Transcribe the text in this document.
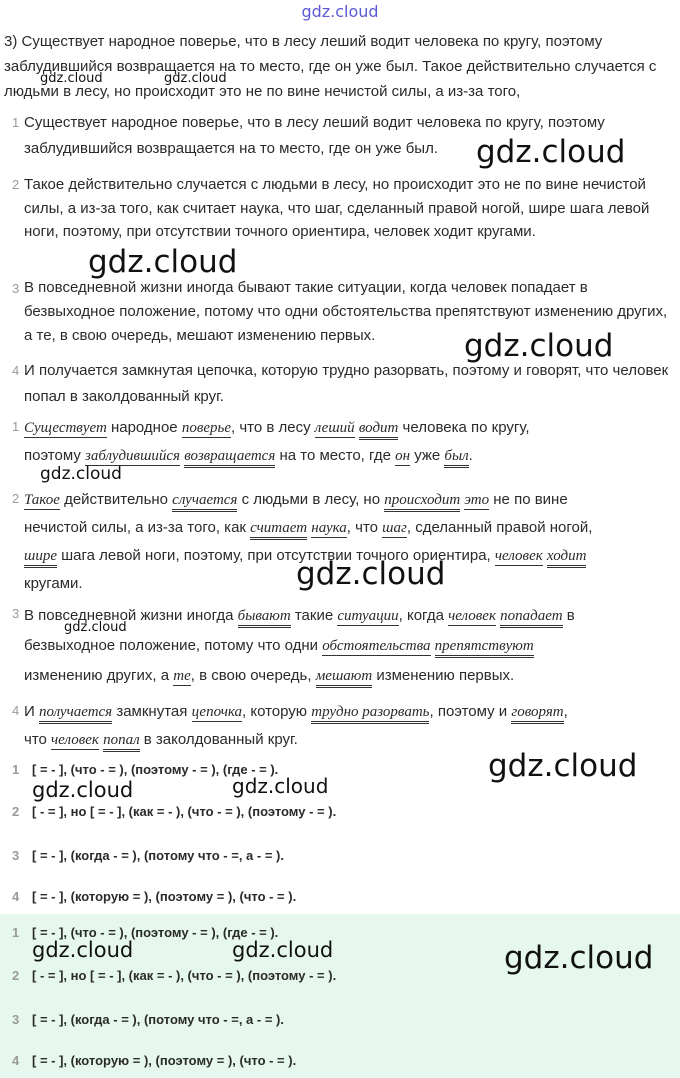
gdz.cloud

3) Существует народное поверье, что в лесу леший водит человека по кругу, поэтому заблудившийся возвращается на то место, где он уже был. Такое действительно случается с людьми в лесу, но происходит это не по вине нечистой силы, а из-за того,

gdz.cloud	gdz.cloud
1 Существует народное поверье, что в лесу леший водит человека по кругу, поэтому заблудившийся возвращается на то место, где он уже был.	gdz.cloud
2 Такое действительно случается с людьми в лесу, но происходит это не по вине нечистой силы, а из-за того, как считает наука, что шаг, сделанный правой ногой, шире шага левой ноги, поэтому, при отсутствии точного ориентира, человек ходит кругами.

gdz.cloud
3 В повседневной жизни иногда бывают такие ситуации, когда человек попадает в безвыходное положение, потому что одни обстоятельства препятствуют изменению других, а те, в свою очередь, мешают изменению первых.	gdz.cloud
4 И получается замкнутая цепочка, которую трудно разорвать, поэтому и говорят, что человек попал в заколдованный круг.

1 Существует народное поверье, что в лесу леший водит человека по кругу,
поэтому заблудившийся возвращается на то место, где он уже был.
gdz.cloud
2 Такое действительно случается с людьми в лесу, но происходит это не по вине
нечистой силы, а из-за того, как считает наука, что шаг, сделанный правой ногой,
шире шага левой ноги, поэтому, при отсутствии точного ориентира, человек ходит
кругами.	gdz.cloud
3 В повседневной жизни иногда бывают такие ситуации, когда человек попадает в
безвыходное положение, потому что одни обстоятельства препятствуют
изменению других, а те, в свою очередь, мешают изменению первых.
gdz.cloud
4 И получается замкнутая цепочка, которую трудно разорвать, поэтому и говорят,
что человек попал в заколдованный круг.
1 [ = - ], (что - = ), (поэтому - = ), (где - = ).	gdz.cloud
gdz.cloud	gdz.cloud
2 [ - = ], но [ = - ], (как = - ), (что - = ), (поэтому - = ).
3 [ = - ], (когда - = ), (потому что - =, а - = ).
4 [ = - ], (которую = ), (поэтому = ), (что - = ).
1 [ = - ], (что - = ), (поэтому - = ), (где - = ).
gdz.cloud
gdz.cloud	gdz.cloud
2 [ - = ], но [ = - ], (как = - ), (что - = ), (поэтому - = ).
3 [ = - ], (когда - = ), (потому что - =, а - = ).
4 [ = - ], (которую = ), (поэтому = ), (что - = ).
